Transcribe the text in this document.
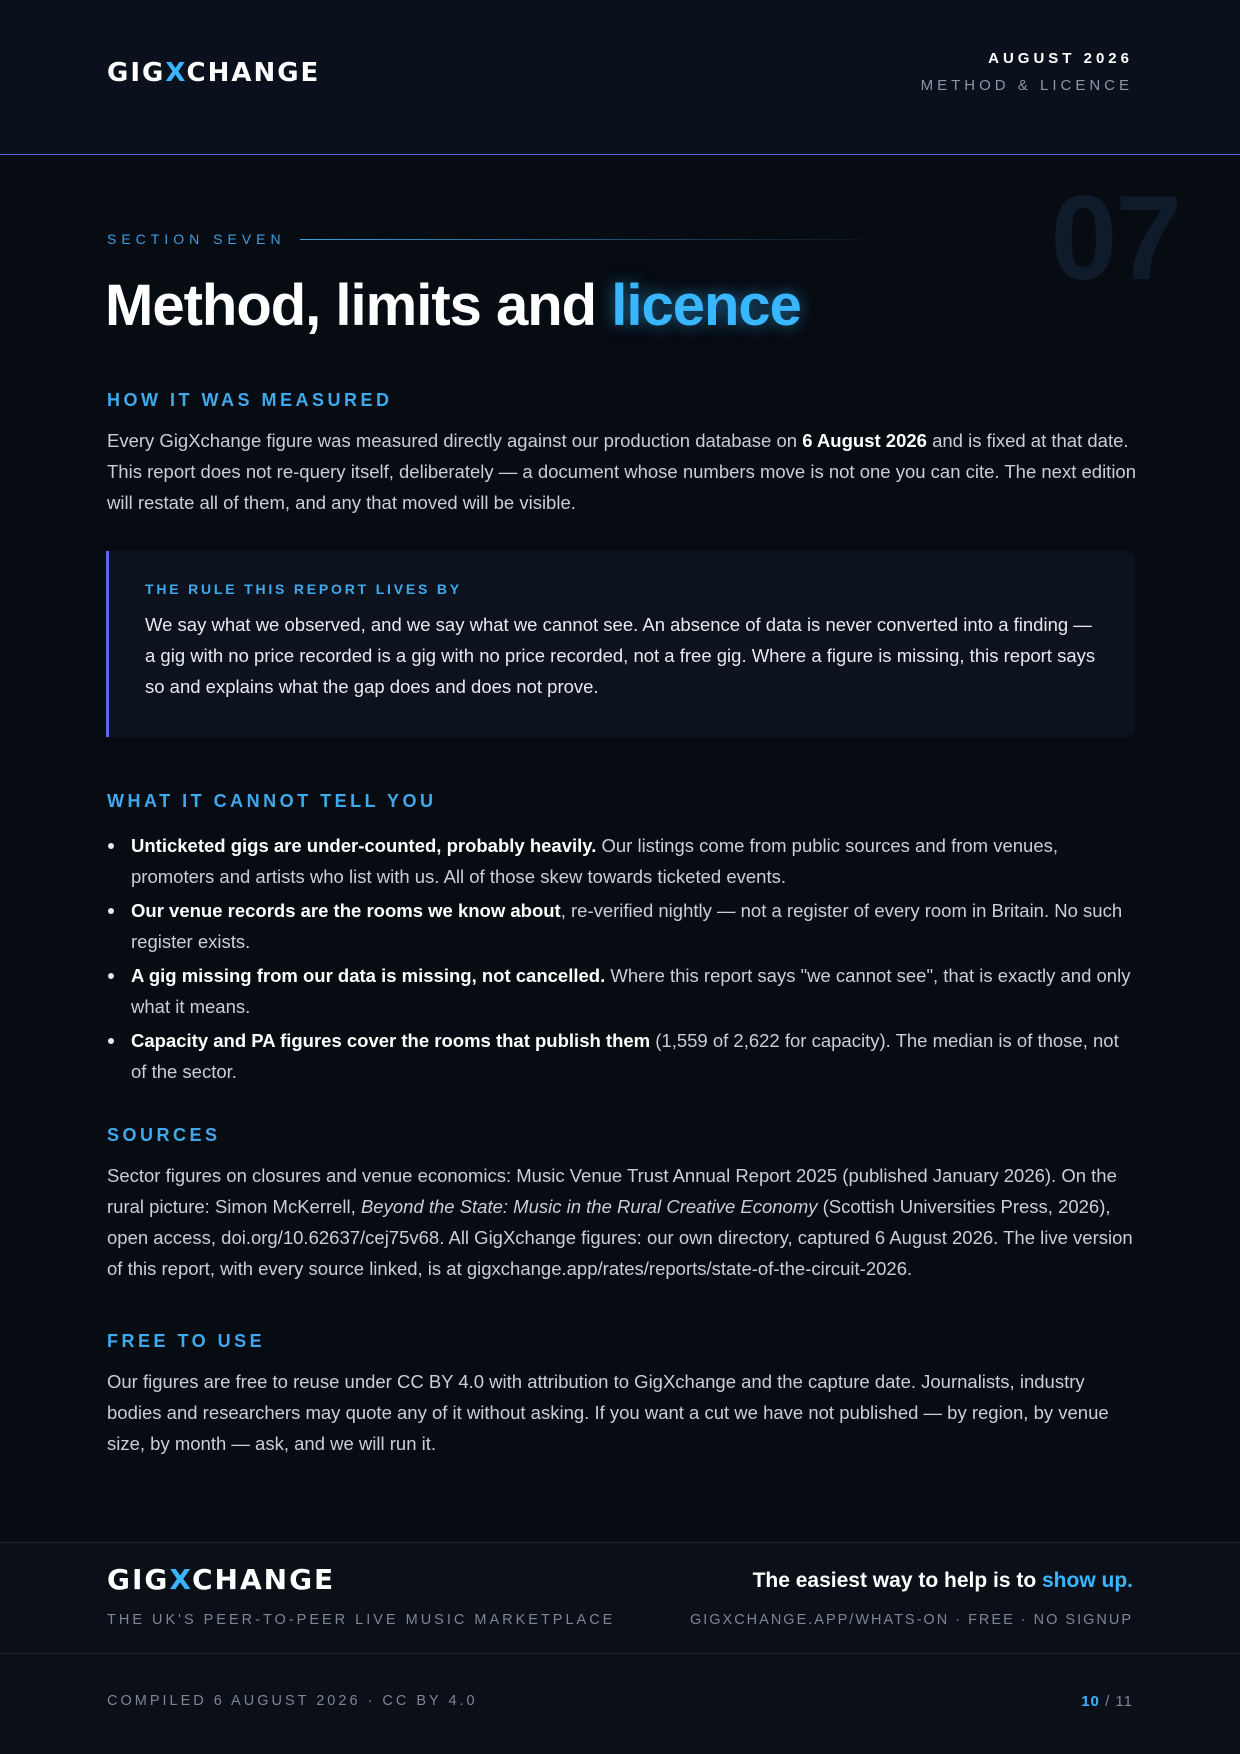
GIGXCHANGE	AUGUST 2026
METHOD & LICENCE
07
SECTION SEVEN
Method, limits and licence
HOW IT WAS MEASURED

Every GigXchange figure was measured directly against our production database on 6 August 2026 and is fixed at that date. This report does not re-query itself, deliberately — a document whose numbers move is not one you can cite. The next edition will restate all of them, and any that moved will be visible.

THE RULE THIS REPORT LIVES BY
We say what we observed, and we say what we cannot see. An absence of data is never converted into a finding — a gig with no price recorded is a gig with no price recorded, not a free gig. Where a figure is missing, this report says so and explains what the gap does and does not prove.
WHAT IT CANNOT TELL YOU
Unticketed gigs are under-counted, probably heavily. Our listings come from public sources and from venues, promoters and artists who list with us. All of those skew towards ticketed events.
Our venue records are the rooms we know about, re-verified nightly — not a register of every room in Britain. No such register exists.
A gig missing from our data is missing, not cancelled. Where this report says "we cannot see", that is exactly and only what it means.
Capacity and PA figures cover the rooms that publish them (1,559 of 2,622 for capacity). The median is of those, not of the sector.
SOURCES

Sector figures on closures and venue economics: Music Venue Trust Annual Report 2025 (published January 2026). On the rural picture: Simon McKerrell, Beyond the State: Music in the Rural Creative Economy (Scottish Universities Press, 2026), open access, doi.org/10.62637/cej75v68. All GigXchange figures: our own directory, captured 6 August 2026. The live version of this report, with every source linked, is at gigxchange.app/rates/reports/state-of-the-circuit-2026.

FREE TO USE

Our figures are free to reuse under CC BY 4.0 with attribution to GigXchange and the capture date. Journalists, industry bodies and researchers may quote any of it without asking. If you want a cut we have not published — by region, by venue size, by month — ask, and we will run it.

GIGXCHANGE
THE UK'S PEER-TO-PEER LIVE MUSIC MARKETPLACE
The easiest way to help is to show up.
GIGXCHANGE.APP/WHATS-ON · FREE · NO SIGNUP
COMPILED 6 AUGUST 2026 · CC BY 4.0	10 / 11
